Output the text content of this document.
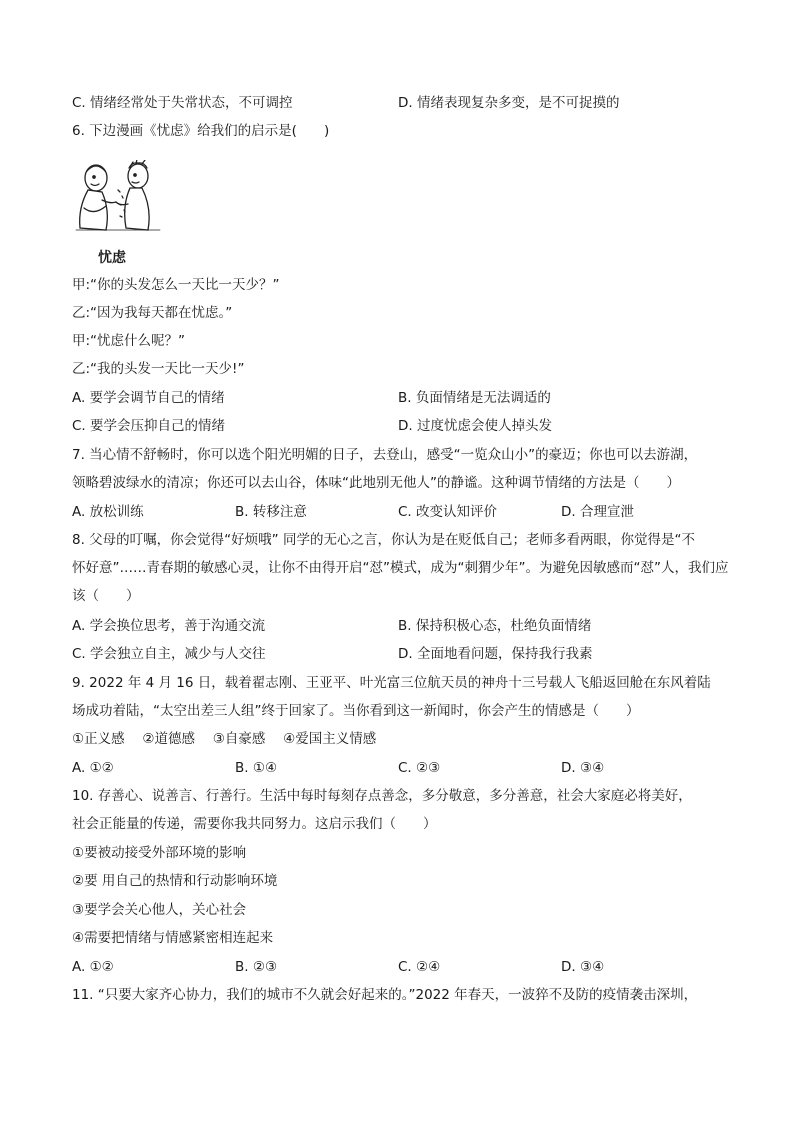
C. 情绪经常处于失常状态，不可调控	D. 情绪表现复杂多变，是不可捉摸的
6. 下边漫画《忧虑》给我们的启示是(　　)
忧虑
甲:“你的头发怎么一天比一天少？”
乙:“因为我每天都在忧虑。”
甲:“忧虑什么呢？”
乙:“我的头发一天比一天少!”
A. 要学会调节自己的情绪	B. 负面情绪是无法调适的
C. 要学会压抑自己的情绪	D. 过度忧虑会使人掉头发
7. 当心情不舒畅时，你可以选个阳光明媚的日子，去登山，感受“一览众山小”的豪迈；你也可以去游湖，
领略碧波绿水的清凉；你还可以去山谷，体味“此地别无他人”的静谧。这种调节情绪的方法是（　　）
A. 放松训练	B. 转移注意	C. 改变认知评价	D. 合理宣泄
8. 父母的叮嘱，你会觉得“好烦哦” 同学的无心之言，你认为是在贬低自己；老师多看两眼，你觉得是“不
怀好意”……青春期的敏感心灵，让你不由得开启“怼”模式，成为“刺猬少年”。为避免因敏感而“怼”人，我们应
该（　　）
A. 学会换位思考，善于沟通交流	B. 保持积极心态，杜绝负面情绪
C. 学会独立自主，减少与人交往	D. 全面地看问题，保持我行我素
9. 2022 年 4 月 16 日，载着翟志刚、王亚平、叶光富三位航天员的神舟十三号载人飞船返回舱在东风着陆
场成功着陆，“太空出差三人组”终于回家了。当你看到这一新闻时，你会产生的情感是（　　）
①正义感　 ②道德感　 ③自豪感　 ④爱国主义情感
A. ①②	B. ①④	C. ②③	D. ③④
10. 存善心、说善言、行善行。生活中每时每刻存点善念，多分敬意，多分善意，社会大家庭必将美好，
社会正能量的传递，需要你我共同努力。这启示我们（　　）
①要被动接受外部环境的影响
②要 用自己的热情和行动影响环境
③要学会关心他人，关心社会
④需要把情绪与情感紧密相连起来
A. ①②	B. ②③	C. ②④	D. ③④
11. “只要大家齐心协力，我们的城市不久就会好起来的。”2022 年春天，一波猝不及防的疫情袭击深圳，
